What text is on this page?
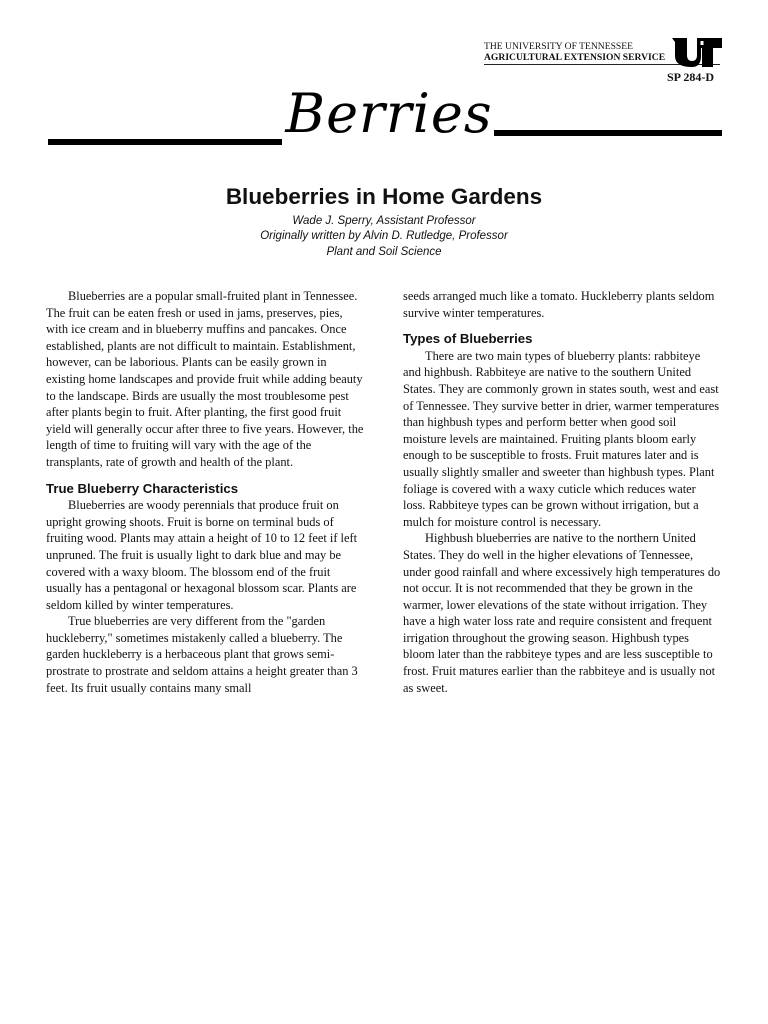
THE UNIVERSITY OF TENNESSEE
AGRICULTURAL EXTENSION SERVICE
SP 284-D
Berries
Blueberries in Home Gardens
Wade J. Sperry, Assistant Professor
Originally written by Alvin D. Rutledge, Professor
Plant and Soil Science

Blueberries are a popular small-fruited plant in Tennessee. The fruit can be eaten fresh or used in jams, preserves, pies, with ice cream and in blueberry muffins and pancakes. Once established, plants are not difficult to maintain. Establishment, however, can be laborious. Plants can be easily grown in existing home landscapes and provide fruit while adding beauty to the landscape. Birds are usually the most troublesome pest after plants begin to fruit. After planting, the first good fruit yield will generally occur after three to five years. However, the length of time to fruiting will vary with the age of the transplants, rate of growth and health of the plant.

True Blueberry Characteristics

Blueberries are woody perennials that produce fruit on upright growing shoots. Fruit is borne on terminal buds of fruiting wood. Plants may attain a height of 10 to 12 feet if left unpruned. The fruit is usually light to dark blue and may be covered with a waxy bloom. The blossom end of the fruit usually has a pentagonal or hexagonal blossom scar. Plants are seldom killed by winter temperatures.

True blueberries are very different from the "garden huckleberry," sometimes mistakenly called a blueberry. The garden huckleberry is a herbaceous plant that grows semi-prostrate to prostrate and seldom attains a height greater than 3 feet. Its fruit usually contains many small

seeds arranged much like a tomato. Huckleberry plants seldom survive winter temperatures.

Types of Blueberries

There are two main types of blueberry plants: rabbiteye and highbush. Rabbiteye are native to the southern United States. They are commonly grown in states south, west and east of Tennessee. They survive better in drier, warmer temperatures than highbush types and perform better when good soil moisture levels are maintained. Fruiting plants bloom early enough to be susceptible to frosts. Fruit matures later and is usually slightly smaller and sweeter than highbush types. Plant foliage is covered with a waxy cuticle which reduces water loss. Rabbiteye types can be grown without irrigation, but a mulch for moisture control is necessary.

Highbush blueberries are native to the northern United States. They do well in the higher elevations of Tennessee, under good rainfall and where excessively high temperatures do not occur. It is not recommended that they be grown in the warmer, lower elevations of the state without irrigation. They have a high water loss rate and require consistent and frequent irrigation throughout the growing season. Highbush types bloom later than the rabbiteye types and are less susceptible to frost. Fruit matures earlier than the rabbiteye and is usually not as sweet.
